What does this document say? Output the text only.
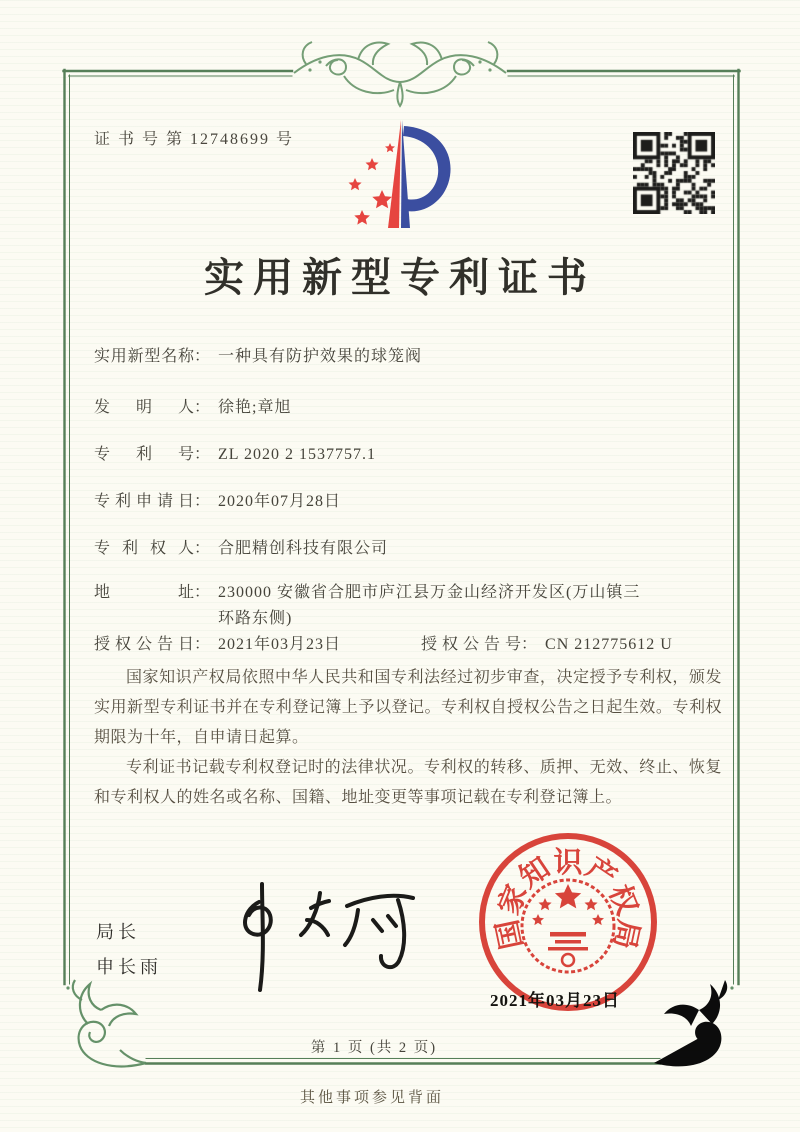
证 书 号 第 12748699 号
实用新型专利证书
实用新型名称： 一种具有防护效果的球笼阀
发明人： 徐艳;章旭
专利号： ZL 2020 2 1537757.1
专利申请日： 2020年07月28日
专利权人： 合肥精创科技有限公司
地址： 230000 安徽省合肥市庐江县万金山经济开发区(万山镇三
环路东侧)
授权公告日： 2021年03月23日	授权公告号： CN 212775612 U

国家知识产权局依照中华人民共和国专利法经过初步审查，决定授予专利权，颁发实用新型专利证书并在专利登记簿上予以登记。专利权自授权公告之日起生效。专利权期限为十年，自申请日起算。

专利证书记载专利权登记时的法律状况。专利权的转移、质押、无效、终止、恢复和专利权人的姓名或名称、国籍、地址变更等事项记载在专利登记簿上。

局长
申长雨
国
家
知
识
产
权
局
2021年03月23日
第 1 页 (共 2 页)
其他事项参见背面
